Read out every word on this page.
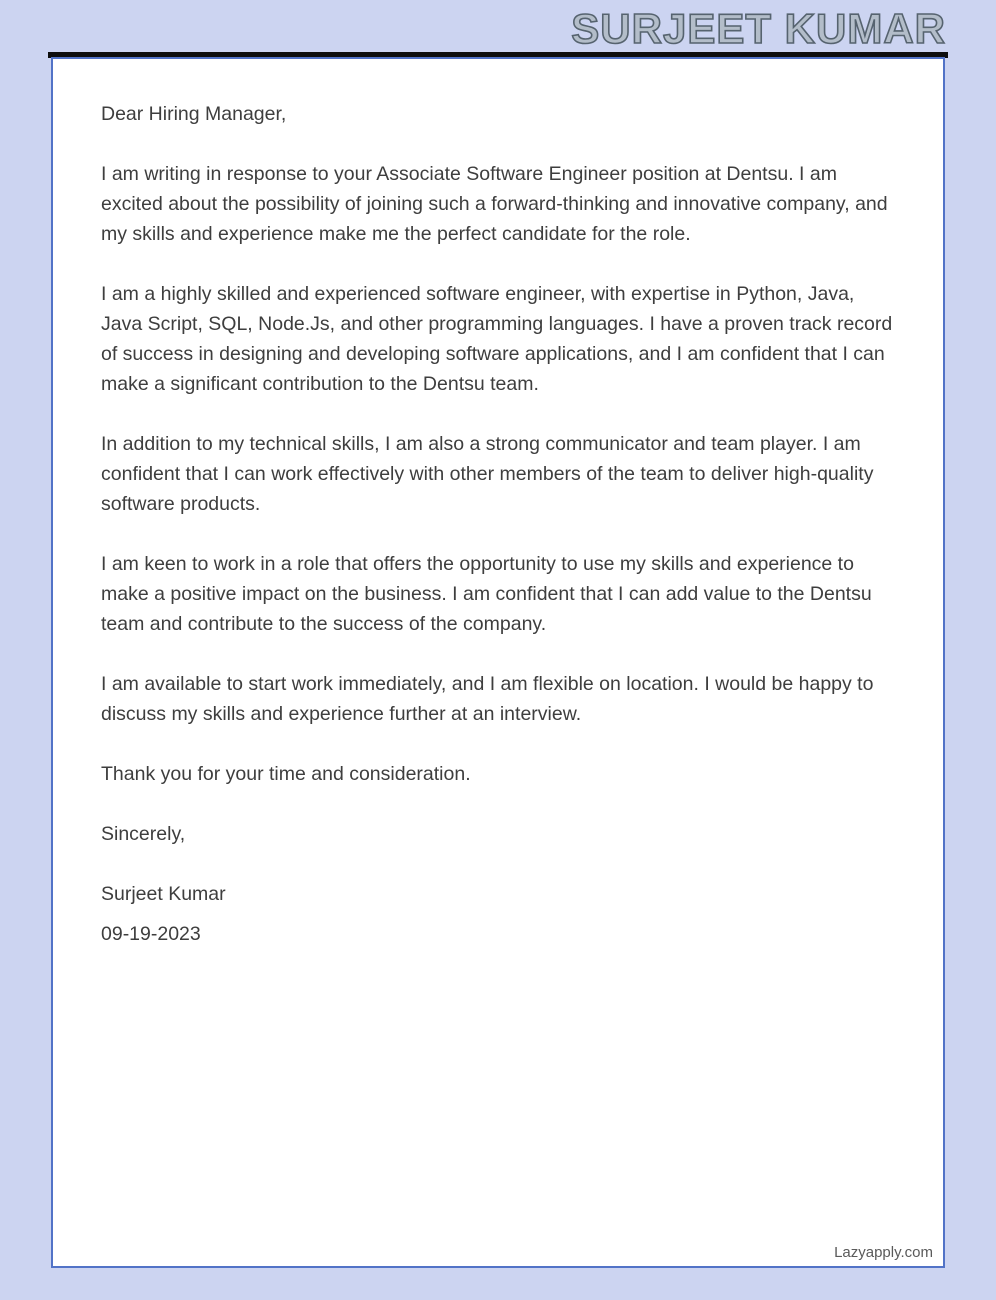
SURJEET KUMAR

Dear Hiring Manager,

I am writing in response to your Associate Software Engineer position at Dentsu. I am excited about the possibility of joining such a forward-thinking and innovative company, and my skills and experience make me the perfect candidate for the role.

I am a highly skilled and experienced software engineer, with expertise in Python, Java, Java Script, SQL, Node.Js, and other programming languages. I have a proven track record of success in designing and developing software applications, and I am confident that I can make a significant contribution to the Dentsu team.

In addition to my technical skills, I am also a strong communicator and team player. I am confident that I can work effectively with other members of the team to deliver high-quality software products.

I am keen to work in a role that offers the opportunity to use my skills and experience to make a positive impact on the business. I am confident that I can add value to the Dentsu team and contribute to the success of the company.

I am available to start work immediately, and I am flexible on location. I would be happy to discuss my skills and experience further at an interview.

Thank you for your time and consideration.

Sincerely,

Surjeet Kumar

09-19-2023

Lazyapply.com
